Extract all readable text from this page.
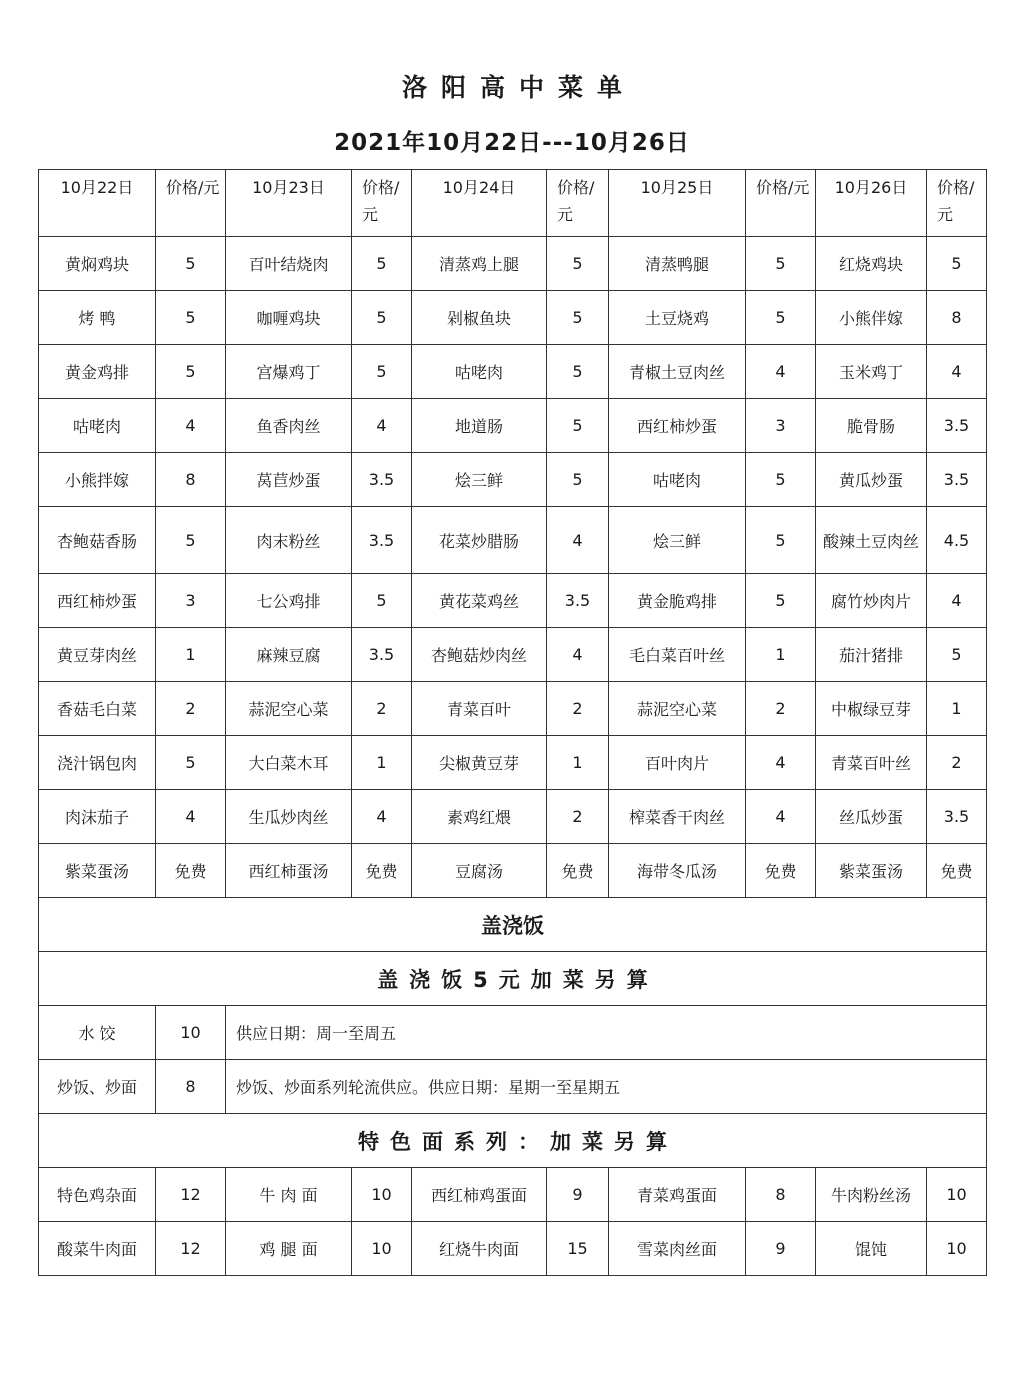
洛阳高中菜单
2021年10月22日---10月26日
10月22日	价格/元	10月23日	价格/元	10月24日	价格/元	10月25日	价格/元	10月26日	价格/元
黄焖鸡块	5	百叶结烧肉	5	清蒸鸡上腿	5	清蒸鸭腿	5	红烧鸡块	5
烤 鸭	5	咖喱鸡块	5	剁椒鱼块	5	土豆烧鸡	5	小熊伴嫁	8
黄金鸡排	5	宫爆鸡丁	5	咕咾肉	5	青椒土豆肉丝	4	玉米鸡丁	4
咕咾肉	4	鱼香肉丝	4	地道肠	5	西红柿炒蛋	3	脆骨肠	3.5
小熊拌嫁	8	莴苣炒蛋	3.5	烩三鲜	5	咕咾肉	5	黄瓜炒蛋	3.5
杏鲍菇香肠	5	肉末粉丝	3.5	花菜炒腊肠	4	烩三鲜	5	酸辣土豆肉丝	4.5
西红柿炒蛋	3	七公鸡排	5	黄花菜鸡丝	3.5	黄金脆鸡排	5	腐竹炒肉片	4
黄豆芽肉丝	1	麻辣豆腐	3.5	杏鲍菇炒肉丝	4	毛白菜百叶丝	1	茄汁猪排	5
香菇毛白菜	2	蒜泥空心菜	2	青菜百叶	2	蒜泥空心菜	2	中椒绿豆芽	1
浇汁锅包肉	5	大白菜木耳	1	尖椒黄豆芽	1	百叶肉片	4	青菜百叶丝	2
肉沫茄子	4	生瓜炒肉丝	4	素鸡红煨	2	榨菜香干肉丝	4	丝瓜炒蛋	3.5
紫菜蛋汤	免费	西红柿蛋汤	免费	豆腐汤	免费	海带冬瓜汤	免费	紫菜蛋汤	免费
盖浇饭									
盖浇饭5元加菜另算									
水 饺	10	供应日期：周一至周五							
炒饭、炒面	8	炒饭、炒面系列轮流供应。供应日期：星期一至星期五							
特色面系列：加菜另算									
特色鸡杂面	12	牛 肉 面	10	西红柿鸡蛋面	9	青菜鸡蛋面	8	牛肉粉丝汤	10
酸菜牛肉面	12	鸡 腿 面	10	红烧牛肉面	15	雪菜肉丝面	9	馄饨	10
